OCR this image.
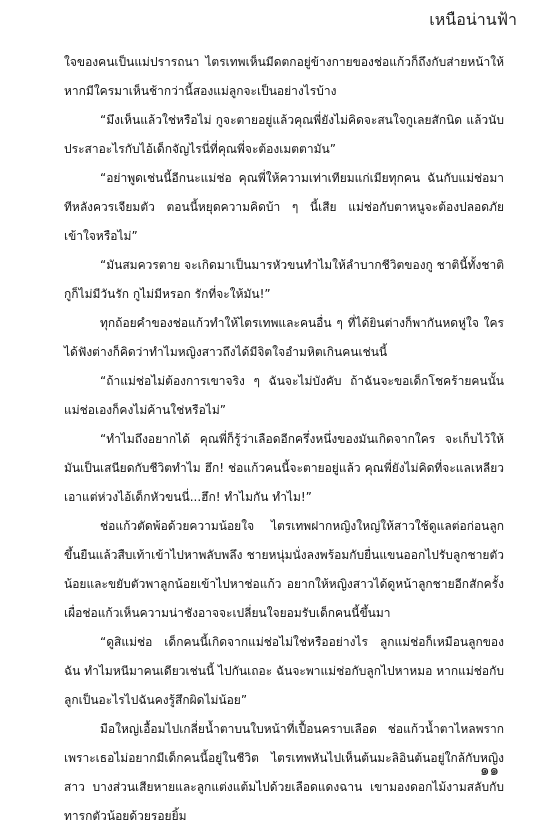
เหนือน่านฟ้า

ใจของคนเป็นแม่ปรารถนา ไตรเทพเห็นมีดตกอยู่ข้างกายของช่อแก้วก็ถึงกับส่ายหน้าให้ หากมีใครมาเห็นช้ากว่านี้สองแม่ลูกจะเป็นอย่างไรบ้าง

“มึงเห็นแล้วใช่หรือไม่ กูจะตายอยู่แล้วคุณพี่ยังไม่คิดจะสนใจกูเลยสักนิด แล้วนับประสาอะไรกับไอ้เด็กจัญไรนี่ที่คุณพี่จะต้องเมตตามัน”

“อย่าพูดเช่นนี้อีกนะแม่ช่อ คุณพี่ให้ความเท่าเทียมแก่เมียทุกคน ฉันกับแม่ช่อมาทีหลังควรเจียมตัว ตอนนี้หยุดความคิดบ้า ๆ นี้เสีย แม่ช่อกับตาหนูจะต้องปลอดภัย เข้าใจหรือไม่”

“มันสมควรตาย จะเกิดมาเป็นมารหัวขนทำไมให้ลำบากชีวิตของกู ชาตินี้ทั้งชาติกูก็ไม่มีวันรัก กูไม่มีหรอก รักที่จะให้มัน!”

ทุกถ้อยคำของช่อแก้วทำให้ไตรเทพและคนอื่น ๆ ที่ได้ยินต่างก็พากันหดหู่ใจ ใครได้ฟังต่างก็คิดว่าทำไมหญิงสาวถึงได้มีจิตใจอำมหิตเกินคนเช่นนี้

“ถ้าแม่ช่อไม่ต้องการเขาจริง ๆ ฉันจะไม่บังคับ ถ้าฉันจะขอเด็กโชคร้ายคนนั้นแม่ช่อเองก็คงไม่ค้านใช่หรือไม่”

“ทำไมถึงอยากได้ คุณพี่ก็รู้ว่าเลือดอีกครึ่งหนึ่งของมันเกิดจากใคร จะเก็บไว้ให้มันเป็นเสนียดกับชีวิตทำไม ฮึก! ช่อแก้วคนนี้จะตายอยู่แล้ว คุณพี่ยังไม่คิดที่จะแลเหลียว เอาแต่ห่วงไอ้เด็กหัวขนนี่...ฮึก! ทำไมกัน ทำไม!”

ช่อแก้วตัดพ้อด้วยความน้อยใจ ไตรเทพฝากหญิงใหญ่ให้สาวใช้ดูแลต่อก่อนลูกขึ้นยืนแล้วสืบเท้าเข้าไปหาพลับพลึง ชายหนุ่มนั่งลงพร้อมกับยื่นแขนออกไปรับลูกชายตัวน้อยและขยับตัวพาลูกน้อยเข้าไปหาช่อแก้ว อยากให้หญิงสาวได้ดูหน้าลูกชายอีกสักครั้ง เผื่อช่อแก้วเห็นความน่าชังอาจจะเปลี่ยนใจยอมรับเด็กคนนี้ขึ้นมา

“ดูสิแม่ช่อ เด็กคนนี้เกิดจากแม่ช่อไม่ใช่หรืออย่างไร ลูกแม่ช่อก็เหมือนลูกของฉัน ทำไมหนีมาคนเดียวเช่นนี้ ไปกันเถอะ ฉันจะพาแม่ช่อกับลูกไปหาหมอ หากแม่ช่อกับลูกเป็นอะไรไปฉันคงรู้สึกผิดไม่น้อย”

มือใหญ่เอื้อมไปเกลี่ยน้ำตาบนใบหน้าที่เปื้อนคราบเลือด ช่อแก้วน้ำตาไหลพรากเพราะเธอไม่อยากมีเด็กคนนี้อยู่ในชีวิต ไตรเทพหันไปเห็นต้นมะลิอินต้นอยู่ใกล้กับหญิงสาว บางส่วนเสียหายและลูกแต่งแต้มไปด้วยเลือดแดงฉาน เขามองดอกไม้งามสลับกับทารกตัวน้อยด้วยรอยยิ้ม

๑๑
